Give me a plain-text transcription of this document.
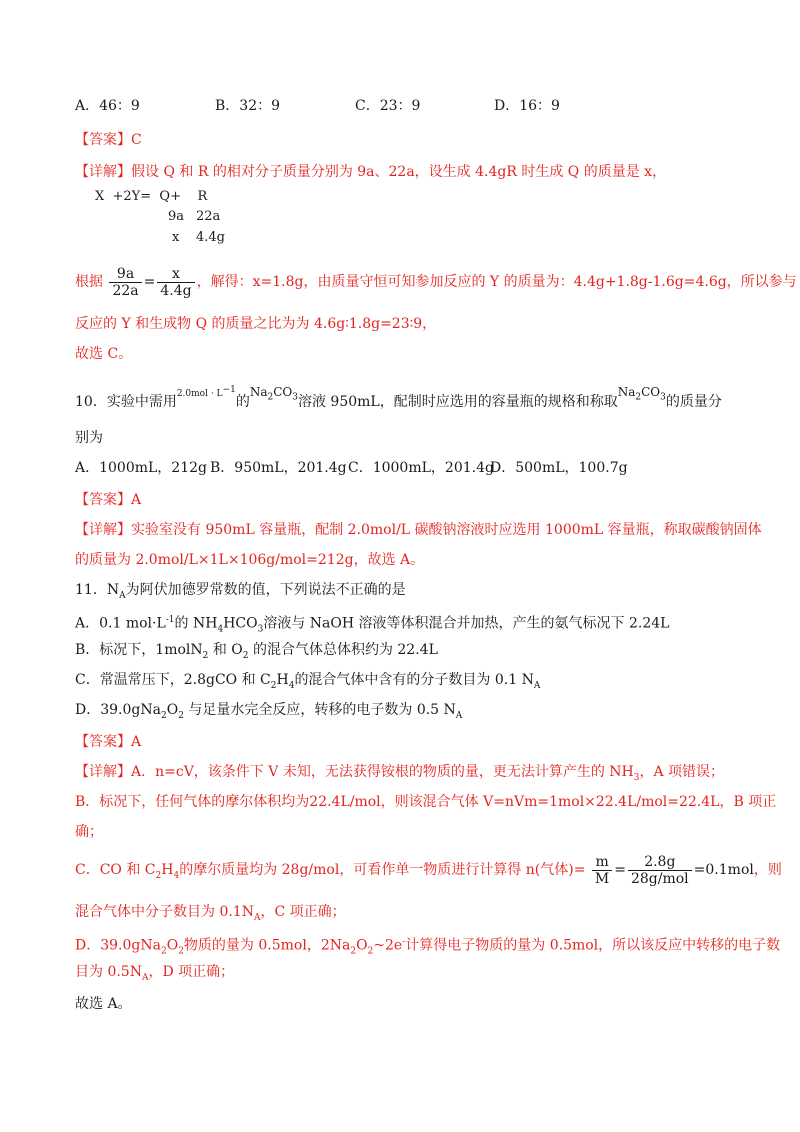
A．46：9	B．32：9	C．23：9	D．16：9
【答案】C
【详解】假设 Q 和 R 的相对分子质量分别为 9a、22a，设生成 4.4gR 时生成 Q 的质量是 x，
X  +2Y=  Q+    R
9a 22a
x 4.4g
根据 $\frac{9a}{22a} = \frac{x}{4.4g}$ ，解得：x=1.8g，由质量守恒可知参加反应的 Y 的质量为：4.4g+1.8g-1.6g=4.6g，所以参与
反应的 Y 和生成物 Q 的质量之比为为 4.6g∶1.8g=23∶9，
故选 C。
10．实验中需用$^{2.0mol \cdot L^{-1}}$的$Na_2CO_3$溶液 950mL，配制时应选用的容量瓶的规格和称取$Na_2CO_3$的质量分
别为
A．1000mL，212g B．950mL，201.4g C．1000mL，201.4g
D．500mL，100.7g
【答案】A
【详解】实验室没有 950mL 容量瓶，配制 2.0mol/L 碳酸钠溶液时应选用 1000mL 容量瓶，称取碳酸钠固体
的质量为 2.0mol/L×1L×106g/mol=212g，故选 A。
11．$N_A$为阿伏加德罗常数的值，下列说法不正确的是
A．0.1 $mol\cdot L^{-1}$的 $NH_4HCO_3$溶液与 NaOH 溶液等体积混合并加热，产生的氨气标况下 2.24L
B．标况下，1molN$_2$ 和 $O_2$ 的混合气体总体积约为 22.4L
C．常温常压下，2.8gCO 和 $C_2H_4$的混合气体中含有的分子数目为 0.1 $N_A$
D．$39.0gNa_2O_2$ 与足量水完全反应，转移的电子数为 0.5 $N_A$
【答案】A
【详解】A．n=cV，该条件下 V 未知，无法获得铵根的物质的量，更无法计算产生的 $NH_3$，A 项错误；
B．标况下，任何气体的摩尔体积均为22.4L/mol，则该混合气体 V=nVm=1mol×22.4L/mol=22.4L，B 项正
确；
C．CO 和 $C_2H_4$的摩尔质量均为 28g/mol，可看作单一物质进行计算得 n(气体)= $\frac{m}{M} = \frac{2.8g}{\text{28g/mol}} =0.1mol$，则
混合气体中分子数目为 $0.1N_A$，C 项正确；
D．$39.0gNa_2O_2$物质的量为 0.5mol，$2Na_2O_2\sim 2e^-$计算得电子物质的量为 0.5mol，所以该反应中转移的电子数
目为 $0.5N_A$，D 项正确；
故选 A。
